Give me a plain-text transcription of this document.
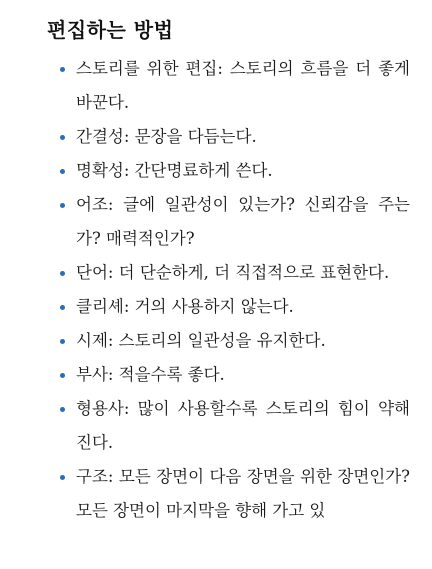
편집하는 방법
스토리를 위한 편집: 스토리의 흐름을 더 좋게 바꾼다.
간결성: 문장을 다듬는다.
명확성: 간단명료하게 쓴다.
어조: 글에 일관성이 있는가? 신뢰감을 주는가? 매력적인가?
단어: 더 단순하게, 더 직접적으로 표현한다.
클리셰: 거의 사용하지 않는다.
시제: 스토리의 일관성을 유지한다.
부사: 적을수록 좋다.
형용사: 많이 사용할수록 스토리의 힘이 약해진다.
구조: 모든 장면이 다음 장면을 위한 장면인가? 모든 장면이 마지막을 향해 가고 있
